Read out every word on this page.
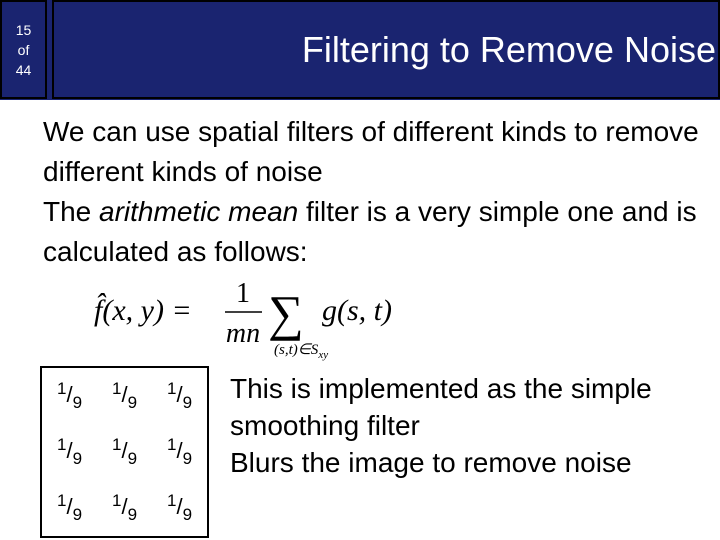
15
of
44	Filtering to Remove Noise

We can use spatial filters of different kinds to remove different kinds of noise

The arithmetic mean filter is a very simple one and is calculated as follows:

f̂(x, y) =
1
mn ∑
$(s,t)\in S_{xy}$
g(s, t)
$^1/_9$	$^1/_9$	$^1/_9$
$^1/_9$	$^1/_9$	$^1/_9$
$^1/_9$	$^1/_9$	$^1/_9$

This is implemented as the simple smoothing filter

Blurs the image to remove noise
